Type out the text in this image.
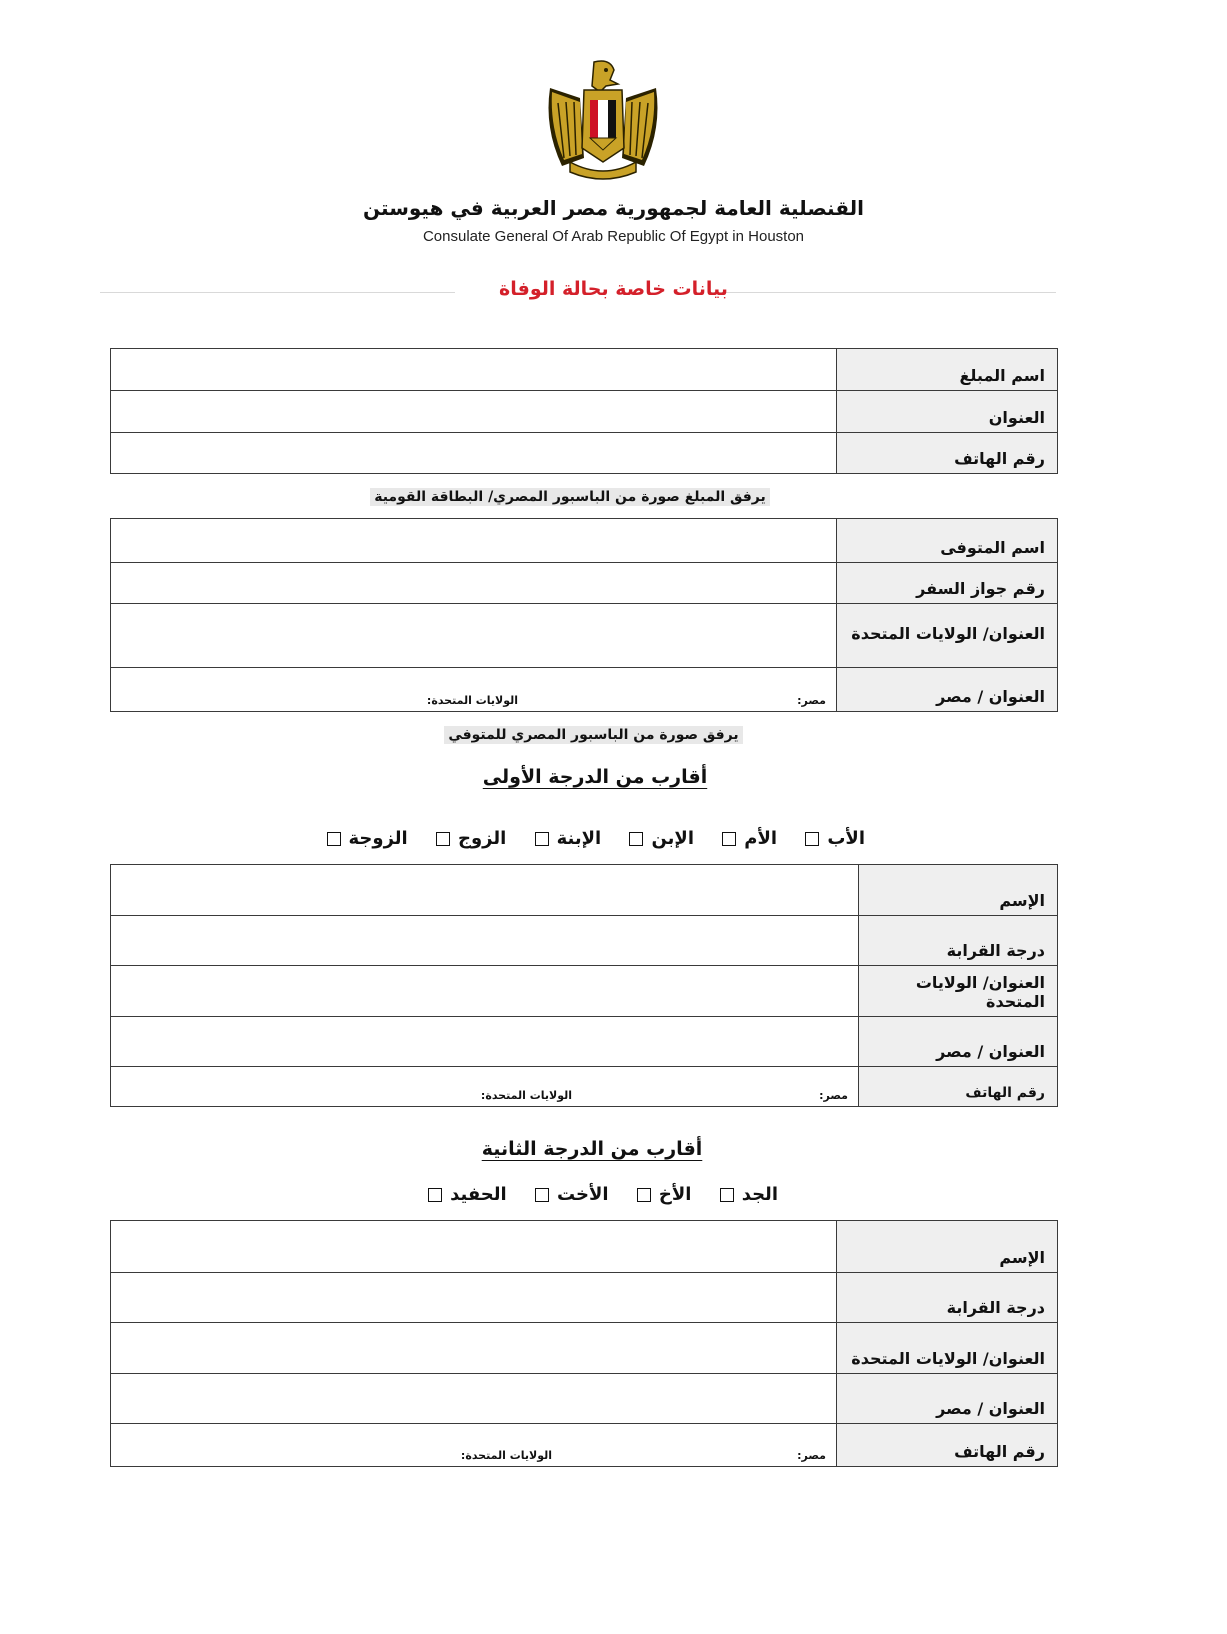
القنصلية العامة لجمهورية مصر العربية في هيوستن
Consulate General Of Arab Republic Of Egypt in Houston
بيانات خاصة بحالة الوفاة
اسم المبلغ	
العنوان	
رقم الهاتف	
يرفق المبلغ صورة من الباسبور المصري/ البطاقة القومية
اسم المتوفى	
رقم جواز السفر	
العنوان/ الولايات المتحدة	
العنوان / مصر	مصر:
الولايات المتحدة:
يرفق صورة من الباسبور المصري للمتوفي
أقارب من الدرجة الأولى
الأب الأم الإبن الإبنة الزوج الزوجة
الإسم	
درجة القرابة	
العنوان/ الولايات المتحدة	
العنوان / مصر	
رقم الهاتف	مصر:
الولايات المتحدة:
أقارب من الدرجة الثانية
الجد الأخ الأخت الحفيد
الإسم	
درجة القرابة	
العنوان/ الولايات المتحدة	
العنوان / مصر	
رقم الهاتف	مصر:
الولايات المتحدة:
